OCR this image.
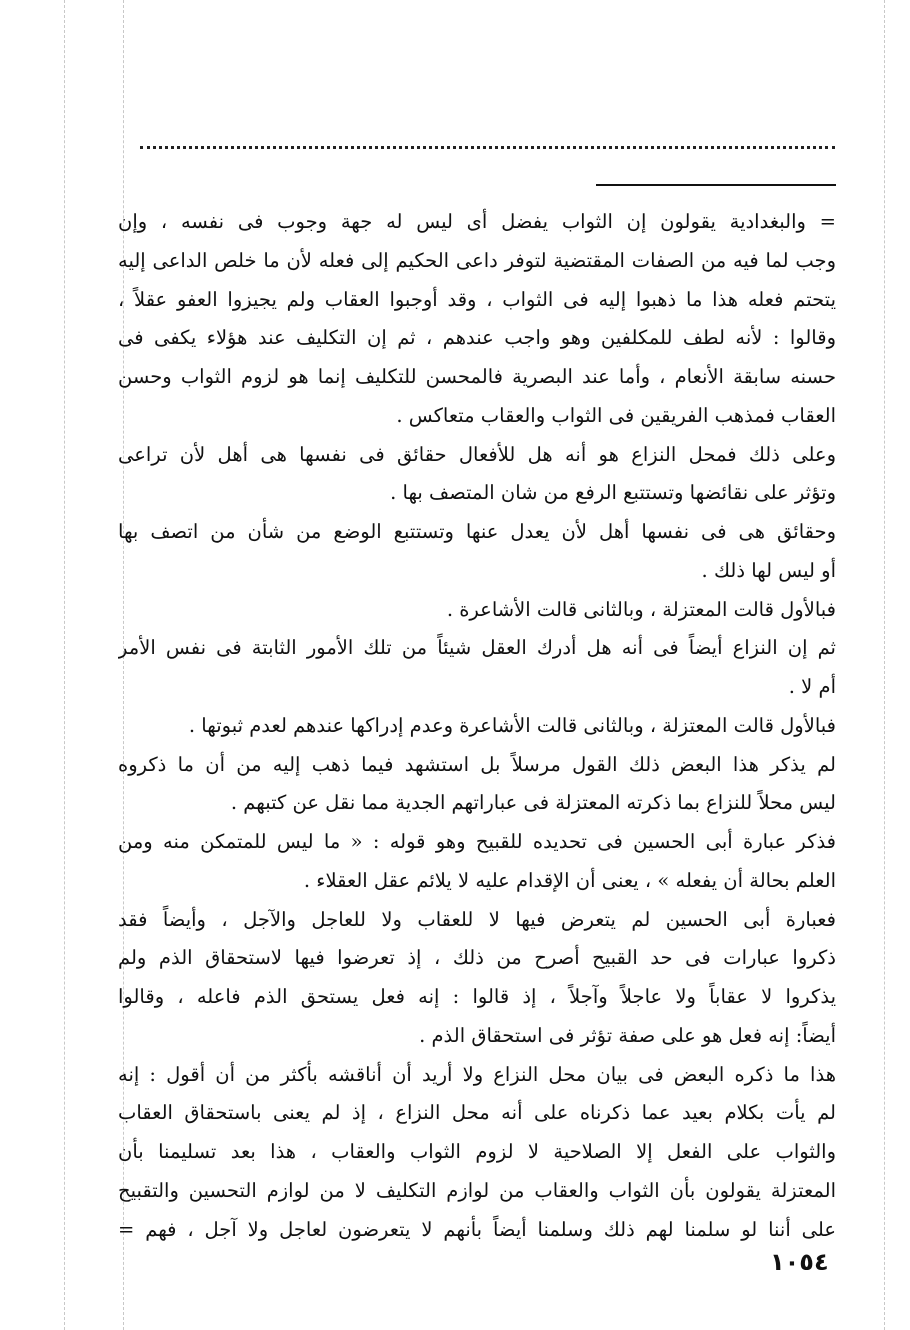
= والبغدادية يقولون إن الثواب يفضل أى ليس له جهة وجوب فى نفسه ، وإن
وجب لما فيه من الصفات المقتضية لتوفر داعى الحكيم إلى فعله لأن ما خلص الداعى إليه
يتحتم فعله هذا ما ذهبوا إليه فى الثواب ، وقد أوجبوا العقاب ولم يجيزوا العفو عقلاً ،
وقالوا : لأنه لطف للمكلفين وهو واجب عندهم ، ثم إن التكليف عند هؤلاء يكفى فى
حسنه سابقة الأنعام ، وأما عند البصرية فالمحسن للتكليف إنما هو لزوم الثواب وحسن
العقاب فمذهب الفريقين فى الثواب والعقاب متعاكس .
وعلى ذلك فمحل النزاع هو أنه هل للأفعال حقائق فى نفسها هى أهل لأن تراعى
وتؤثر على نقائضها وتستتبع الرفع من شان المتصف بها .
وحقائق هى فى نفسها أهل لأن يعدل عنها وتستتبع الوضع من شأن من اتصف بها
أو ليس لها ذلك .
فبالأول قالت المعتزلة ، وبالثانى قالت الأشاعرة .
ثم إن النزاع أيضاً فى أنه هل أدرك العقل شيئاً من تلك الأمور الثابتة فى نفس الأمر
أم لا .
فبالأول قالت المعتزلة ، وبالثانى قالت الأشاعرة وعدم إدراكها عندهم لعدم ثبوتها .
لم يذكر هذا البعض ذلك القول مرسلاً بل استشهد فيما ذهب إليه من أن ما ذكروه
ليس محلاً للنزاع بما ذكرته المعتزلة فى عباراتهم الجدية مما نقل عن كتبهم .
فذكر عبارة أبى الحسين فى تحديده للقبيح وهو قوله : « ما ليس للمتمكن منه ومن
العلم بحالة أن يفعله » ، يعنى أن الإقدام عليه لا يلائم عقل العقلاء .
فعبارة أبى الحسين لم يتعرض فيها لا للعقاب ولا للعاجل والآجل ، وأيضاً فقد
ذكروا عبارات فى حد القبيح أصرح من ذلك ، إذ تعرضوا فيها لاستحقاق الذم ولم
يذكروا لا عقاباً ولا عاجلاً وآجلاً ، إذ قالوا : إنه فعل يستحق الذم فاعله ، وقالوا
أيضاً: إنه فعل هو على صفة تؤثر فى استحقاق الذم .
هذا ما ذكره البعض فى بيان محل النزاع ولا أريد أن أناقشه بأكثر من أن أقول : إنه
لم يأت بكلام بعيد عما ذكرناه على أنه محل النزاع ، إذ لم يعنى باستحقاق العقاب
والثواب على الفعل إلا الصلاحية لا لزوم الثواب والعقاب ، هذا بعد تسليمنا بأن
المعتزلة يقولون بأن الثواب والعقاب من لوازم التكليف لا من لوازم التحسين والتقبيح
على أننا لو سلمنا لهم ذلك وسلمنا أيضاً بأنهم لا يتعرضون لعاجل ولا آجل ، فهم =
١٠٥٤
